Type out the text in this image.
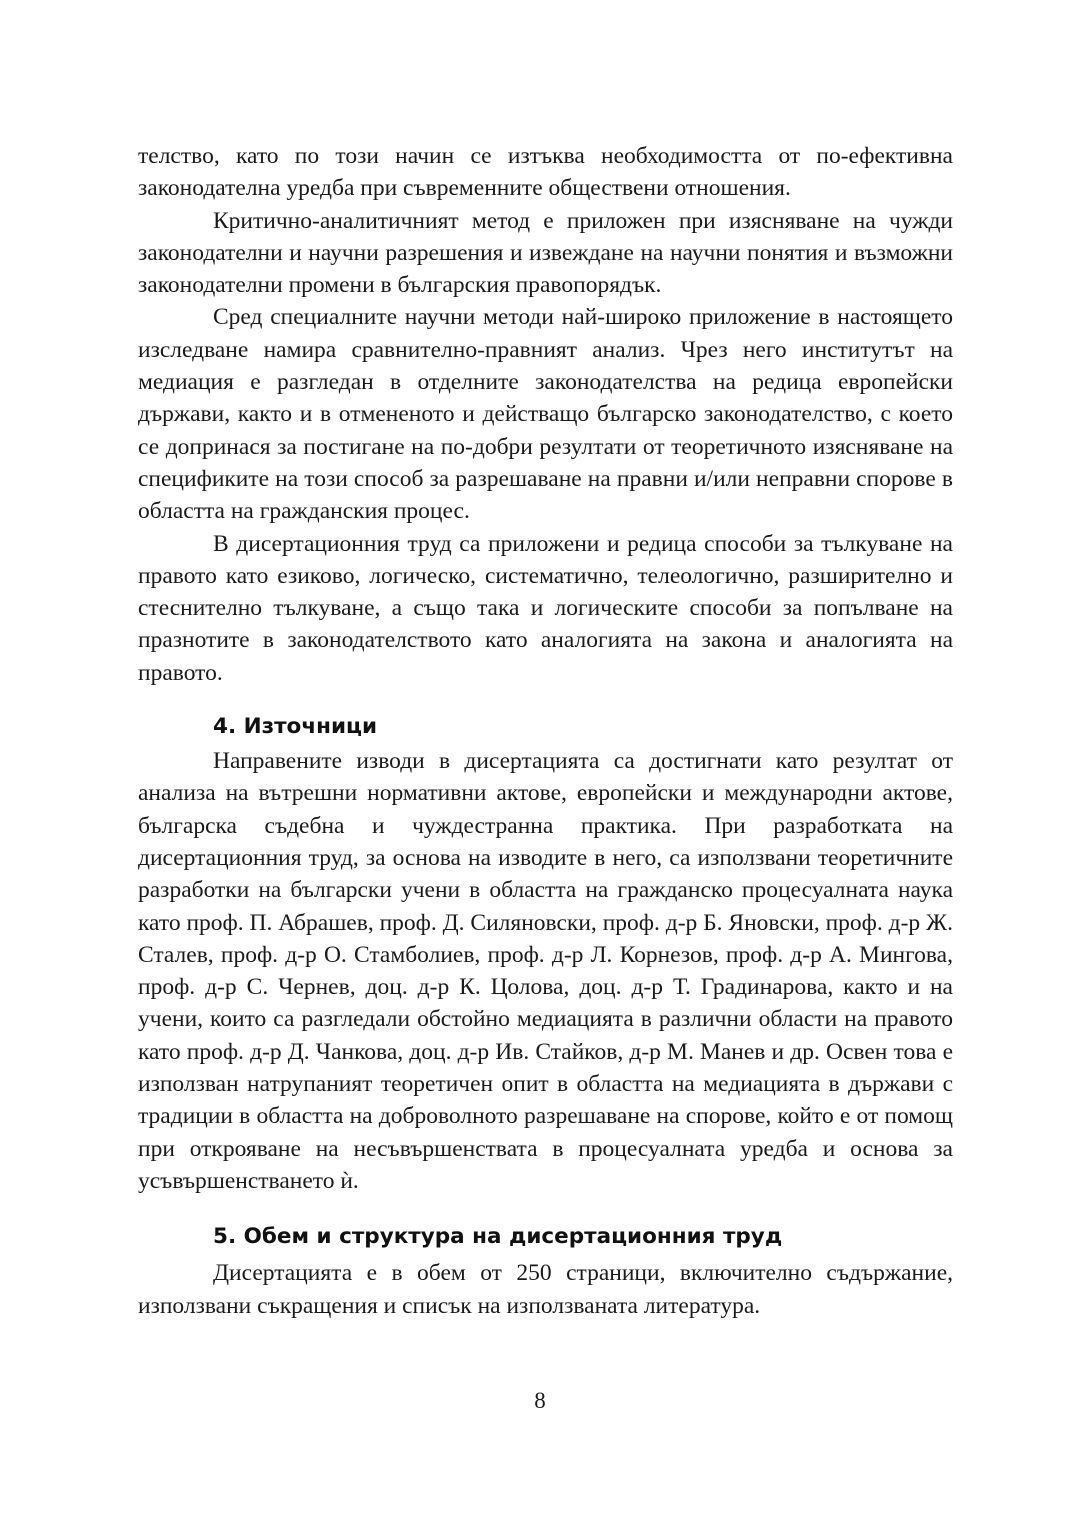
телство, като по този начин се изтъква необходимостта от по-ефективна законодателна уредба при съвременните обществени отношения.

Критично-аналитичният метод е приложен при изясняване на чужди законодателни и научни разрешения и извеждане на научни понятия и възможни законодателни промени в българския правопорядък.

Сред специалните научни методи най-широко приложение в настоящето изследване намира сравнително-правният анализ. Чрез него институтът на медиация е разгледан в отделните законодателства на редица европейски държави, както и в отмененото и действащо българско законодателство, с което се допринася за постигане на по-добри резултати от теоретичното изясняване на спецификите на този способ за разрешаване на правни и/или неправни спорове в областта на гражданския процес.

В дисертационния труд са приложени и редица способи за тълкуване на правото като езиково, логическо, систематично, телеологично, разширително и стеснително тълкуване, а също така и логическите способи за попълване на празнотите в законодателството като аналогията на закона и аналогията на правото.

4. Източници

Направените изводи в дисертацията са достигнати като резултат от анализа на вътрешни нормативни актове, европейски и международни актове, българска съдебна и чуждестранна практика. При разработката на дисертационния труд, за основа на изводите в него, са използвани теоретичните разработки на български учени в областта на гражданско процесуалната наука като проф. П. Абрашев, проф. Д. Силяновски, проф. д-р Б. Яновски, проф. д-р Ж. Сталев, проф. д-р О. Стамболиев, проф. д-р Л. Корнезов, проф. д-р А. Мингова, проф. д-р С. Чернев, доц. д-р К. Цолова, доц. д-р Т. Градинарова, както и на учени, които са разгледали обстойно медиацията в различни области на правото като проф. д-р Д. Чанкова, доц. д-р Ив. Стайков, д-р М. Манев и др. Освен това е използван натрупаният теоретичен опит в областта на медиацията в държави с традиции в областта на доброволното разрешаване на спорове, който е от помощ при открояване на несъвършенствата в процесуалната уредба и основа за усъвършенстването ѝ.

5. Обем и структура на дисертационния труд

Дисертацията е в обем от 250 страници, включително съдържание, използвани съкращения и списък на използваната литература.

8
